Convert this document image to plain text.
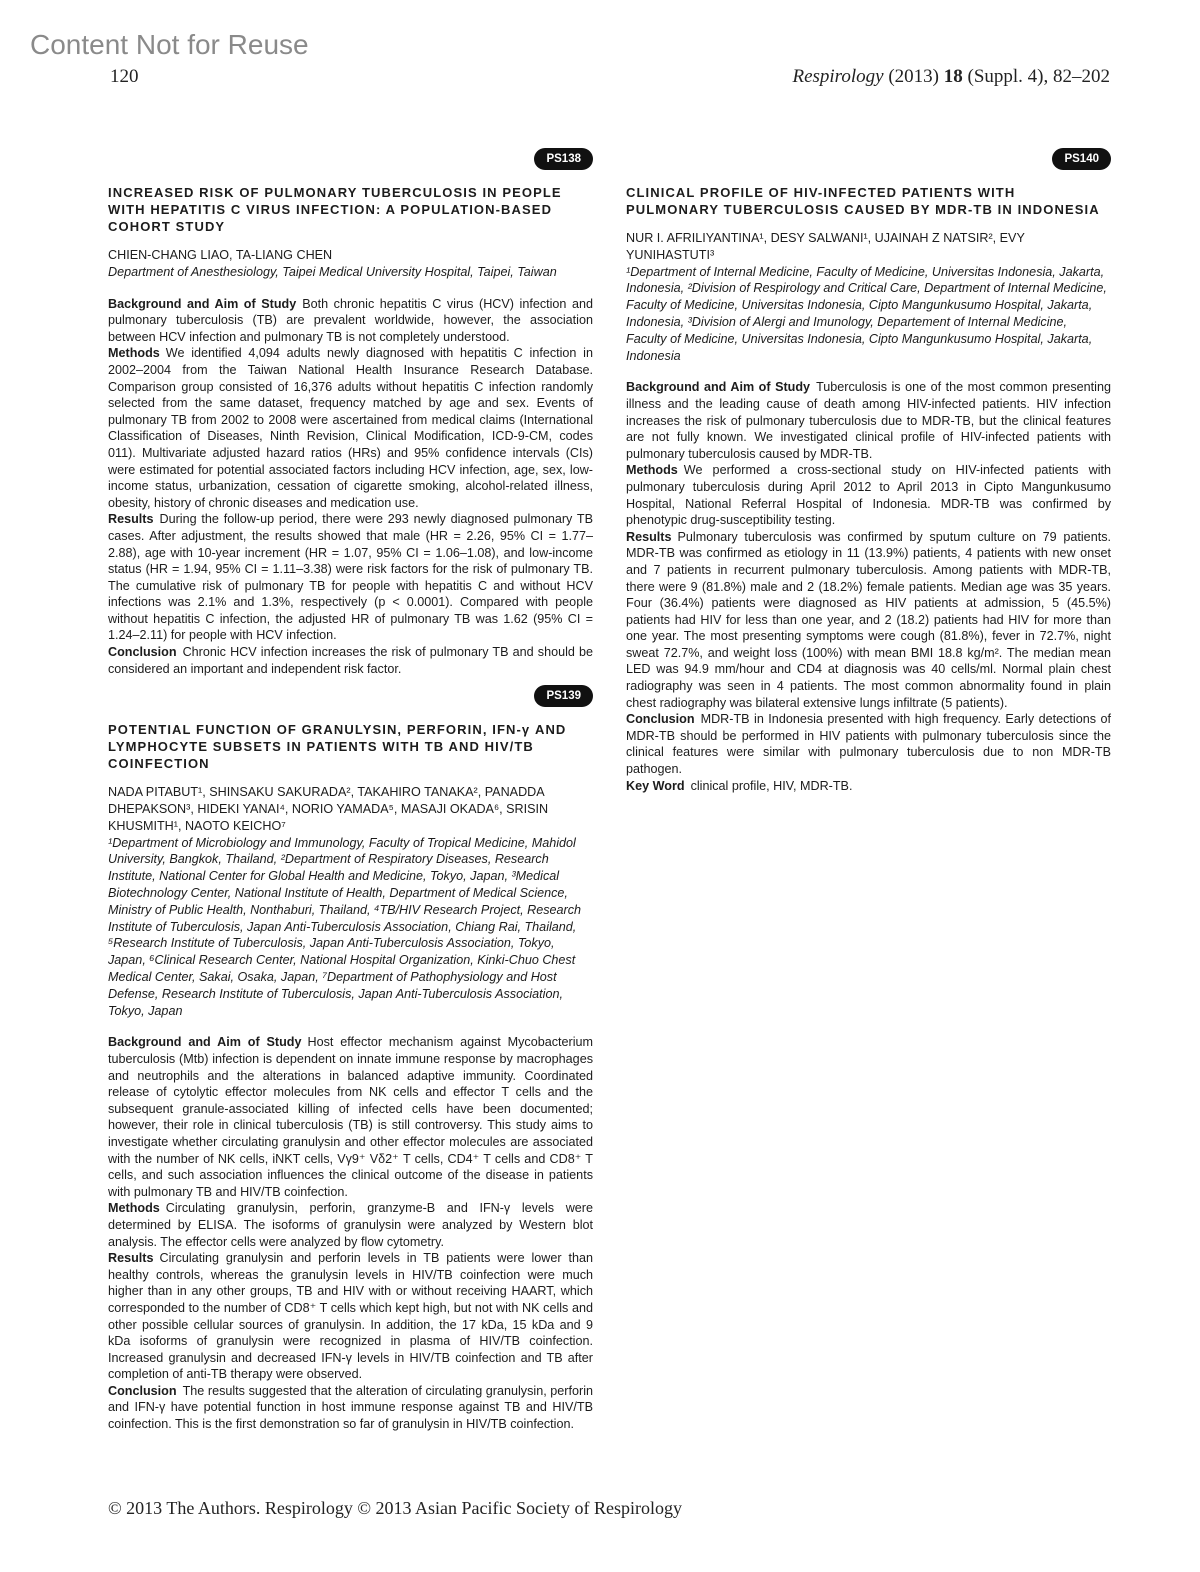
Content Not for Reuse
120	Respirology (2013) 18 (Suppl. 4), 82–202
PS138
INCREASED RISK OF PULMONARY TUBERCULOSIS IN PEOPLE WITH HEPATITIS C VIRUS INFECTION: A POPULATION-BASED COHORT STUDY

CHIEN-CHANG LIAO, TA-LIANG CHEN

Department of Anesthesiology, Taipei Medical University Hospital, Taipei, Taiwan

Background and Aim of Study Both chronic hepatitis C virus (HCV) infection and pulmonary tuberculosis (TB) are prevalent worldwide, however, the association between HCV infection and pulmonary TB is not completely understood.

Methods We identified 4,094 adults newly diagnosed with hepatitis C infection in 2002–2004 from the Taiwan National Health Insurance Research Database. Comparison group consisted of 16,376 adults without hepatitis C infection randomly selected from the same dataset, frequency matched by age and sex. Events of pulmonary TB from 2002 to 2008 were ascertained from medical claims (International Classification of Diseases, Ninth Revision, Clinical Modification, ICD-9-CM, codes 011). Multivariate adjusted hazard ratios (HRs) and 95% confidence intervals (CIs) were estimated for potential associated factors including HCV infection, age, sex, low-income status, urbanization, cessation of cigarette smoking, alcohol-related illness, obesity, history of chronic diseases and medication use.

Results During the follow-up period, there were 293 newly diagnosed pulmonary TB cases. After adjustment, the results showed that male (HR = 2.26, 95% CI = 1.77–2.88), age with 10-year increment (HR = 1.07, 95% CI = 1.06–1.08), and low-income status (HR = 1.94, 95% CI = 1.11–3.38) were risk factors for the risk of pulmonary TB. The cumulative risk of pulmonary TB for people with hepatitis C and without HCV infections was 2.1% and 1.3%, respectively (p < 0.0001). Compared with people without hepatitis C infection, the adjusted HR of pulmonary TB was 1.62 (95% CI = 1.24–2.11) for people with HCV infection.

Conclusion Chronic HCV infection increases the risk of pulmonary TB and should be considered an important and independent risk factor.

PS139
POTENTIAL FUNCTION OF GRANULYSIN, PERFORIN, IFN-γ AND LYMPHOCYTE SUBSETS IN PATIENTS WITH TB AND HIV/TB COINFECTION

NADA PITABUT¹, SHINSAKU SAKURADA², TAKAHIRO TANAKA², PANADDA DHEPAKSON³, HIDEKI YANAI⁴, NORIO YAMADA⁵, MASAJI OKADA⁶, SRISIN KHUSMITH¹, NAOTO KEICHO⁷

¹Department of Microbiology and Immunology, Faculty of Tropical Medicine, Mahidol University, Bangkok, Thailand, ²Department of Respiratory Diseases, Research Institute, National Center for Global Health and Medicine, Tokyo, Japan, ³Medical Biotechnology Center, National Institute of Health, Department of Medical Science, Ministry of Public Health, Nonthaburi, Thailand, ⁴TB/HIV Research Project, Research Institute of Tuberculosis, Japan Anti-Tuberculosis Association, Chiang Rai, Thailand, ⁵Research Institute of Tuberculosis, Japan Anti-Tuberculosis Association, Tokyo, Japan, ⁶Clinical Research Center, National Hospital Organization, Kinki-Chuo Chest Medical Center, Sakai, Osaka, Japan, ⁷Department of Pathophysiology and Host Defense, Research Institute of Tuberculosis, Japan Anti-Tuberculosis Association, Tokyo, Japan

Background and Aim of Study Host effector mechanism against Mycobacterium tuberculosis (Mtb) infection is dependent on innate immune response by macrophages and neutrophils and the alterations in balanced adaptive immunity. Coordinated release of cytolytic effector molecules from NK cells and effector T cells and the subsequent granule-associated killing of infected cells have been documented; however, their role in clinical tuberculosis (TB) is still controversy. This study aims to investigate whether circulating granulysin and other effector molecules are associated with the number of NK cells, iNKT cells, Vγ9⁺ Vδ2⁺ T cells, CD4⁺ T cells and CD8⁺ T cells, and such association influences the clinical outcome of the disease in patients with pulmonary TB and HIV/TB coinfection.

Methods Circulating granulysin, perforin, granzyme-B and IFN-γ levels were determined by ELISA. The isoforms of granulysin were analyzed by Western blot analysis. The effector cells were analyzed by flow cytometry.

Results Circulating granulysin and perforin levels in TB patients were lower than healthy controls, whereas the granulysin levels in HIV/TB coinfection were much higher than in any other groups, TB and HIV with or without receiving HAART, which corresponded to the number of CD8⁺ T cells which kept high, but not with NK cells and other possible cellular sources of granulysin. In addition, the 17 kDa, 15 kDa and 9 kDa isoforms of granulysin were recognized in plasma of HIV/TB coinfection. Increased granulysin and decreased IFN-γ levels in HIV/TB coinfection and TB after completion of anti-TB therapy were observed.

Conclusion The results suggested that the alteration of circulating granulysin, perforin and IFN-γ have potential function in host immune response against TB and HIV/TB coinfection. This is the first demonstration so far of granulysin in HIV/TB coinfection.

PS140
CLINICAL PROFILE OF HIV-INFECTED PATIENTS WITH PULMONARY TUBERCULOSIS CAUSED BY MDR-TB IN INDONESIA

NUR I. AFRILIYANTINA¹, DESY SALWANI¹, UJAINAH Z NATSIR², EVY YUNIHASTUTI³

¹Department of Internal Medicine, Faculty of Medicine, Universitas Indonesia, Jakarta, Indonesia, ²Division of Respirology and Critical Care, Department of Internal Medicine, Faculty of Medicine, Universitas Indonesia, Cipto Mangunkusumo Hospital, Jakarta, Indonesia, ³Division of Alergi and Imunology, Departement of Internal Medicine, Faculty of Medicine, Universitas Indonesia, Cipto Mangunkusumo Hospital, Jakarta, Indonesia

Background and Aim of Study Tuberculosis is one of the most common presenting illness and the leading cause of death among HIV-infected patients. HIV infection increases the risk of pulmonary tuberculosis due to MDR-TB, but the clinical features are not fully known. We investigated clinical profile of HIV-infected patients with pulmonary tuberculosis caused by MDR-TB.

Methods We performed a cross-sectional study on HIV-infected patients with pulmonary tuberculosis during April 2012 to April 2013 in Cipto Mangunkusumo Hospital, National Referral Hospital of Indonesia. MDR-TB was confirmed by phenotypic drug-susceptibility testing.

Results Pulmonary tuberculosis was confirmed by sputum culture on 79 patients. MDR-TB was confirmed as etiology in 11 (13.9%) patients, 4 patients with new onset and 7 patients in recurrent pulmonary tuberculosis. Among patients with MDR-TB, there were 9 (81.8%) male and 2 (18.2%) female patients. Median age was 35 years. Four (36.4%) patients were diagnosed as HIV patients at admission, 5 (45.5%) patients had HIV for less than one year, and 2 (18.2) patients had HIV for more than one year. The most presenting symptoms were cough (81.8%), fever in 72.7%, night sweat 72.7%, and weight loss (100%) with mean BMI 18.8 kg/m². The median mean LED was 94.9 mm/hour and CD4 at diagnosis was 40 cells/ml. Normal plain chest radiography was seen in 4 patients. The most common abnormality found in plain chest radiography was bilateral extensive lungs infiltrate (5 patients).

Conclusion MDR-TB in Indonesia presented with high frequency. Early detections of MDR-TB should be performed in HIV patients with pulmonary tuberculosis since the clinical features were similar with pulmonary tuberculosis due to non MDR-TB pathogen.

Key Word clinical profile, HIV, MDR-TB.

© 2013 The Authors. Respirology © 2013 Asian Pacific Society of Respirology
